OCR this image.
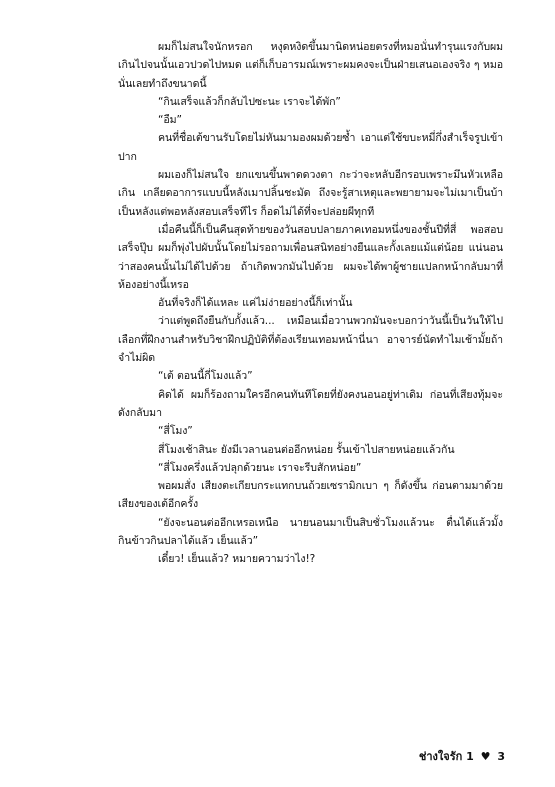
ผมก็ไม่สนใจนักหรอก หงุดหงิดขึ้นมานิดหน่อยตรงที่หมอนั่นทำรุนแรงกับผมเกินไปจนนั้นเอวปวดไปหมด แต่ก็เก็บอารมณ์เพราะผมคงจะเป็นฝ่ายเสนอเองจริง ๆ หมอนั่นเลยทำถึงขนาดนี้

“กินเสร็จแล้วก็กลับไปซะนะ เราจะได้พัก”

“อืม”

คนที่ชื่อเต้ขานรับโดยไม่หันมามองผมด้วยซ้ำ เอาแต่ใช้ขบะหมี่กึ่งสำเร็จรูปเข้าปาก

ผมเองก็ไม่สนใจ ยกแขนขึ้นพาดดวงตา กะว่าจะหลับอีกรอบเพราะมึนหัวเหลือเกิน เกลียดอาการแบบนี้หลังเมาปลิ้นชะมัด ถึงจะรู้สาเหตุและพยายามจะไม่เมาเป็นบ้าเป็นหลังแต่พอหลังสอบเสร็จทีไร ก็อดไม่ได้ที่จะปล่อยผีทุกที

เมื่อคืนนี้ก็เป็นคืนสุดท้ายของวันสอบปลายภาคเทอมหนึ่งของชั้นปีที่สี่ พอสอบเสร็จปุ๊บ ผมก็พุ่งไปผับนั้นโดยไม่รอถามเพื่อนสนิทอย่างยืนและกั้งเลยแม้แต่น้อย แน่นอนว่าสองคนนั้นไม่ได้ไปด้วย ถ้าเกิดพวกมันไปด้วย ผมจะได้พาผู้ชายแปลกหน้ากลับมาที่ห้องอย่างนี้เหรอ

อันที่จริงก็ได้แหละ แค่ไม่ง่ายอย่างนี้ก็เท่านั้น

ว่าแต่พูดถึงยืนกับกั้งแล้ว... เหมือนเมื่อวานพวกมันจะบอกว่าวันนี้เป็นวันให้ไปเลือกที่ฝึกงานสำหรับวิชาฝึกปฏิบัติที่ต้องเรียนเทอมหน้านี่นา อาจารย์นัดทำไมเช้ามั้ยถ้าจำไม่ผิด

“เต้ ตอนนี้กี่โมงแล้ว”

คิดได้ ผมก็ร้องถามใครอีกคนทันทีโดยที่ยังคงนอนอยู่ท่าเดิม ก่อนที่เสียงทุ้มจะดังกลับมา

“สี่โมง”

สี่โมงเช้าสินะ ยังมีเวลานอนต่ออีกหน่อย รั้นเข้าไปสายหน่อยแล้วกัน

“สี่โมงครึ่งแล้วปลุกด้วยนะ เราจะรีบสักหน่อย”

พอผมสั่ง เสียงตะเกียบกระแทกบนถ้วยเซรามิกเบา ๆ ก็ดังขึ้น ก่อนตามมาด้วยเสียงของเต้อีกครั้ง

“ยังจะนอนต่ออีกเหรอเหนือ นายนอนมาเป็นสิบชั่วโมงแล้วนะ ตื่นได้แล้วมั้ง กินข้าวกินปลาได้แล้ว เย็นแล้ว”

เดี๋ยว! เย็นแล้ว? หมายความว่าไง!?

ช่างใจรัก 1 ♥ 3
